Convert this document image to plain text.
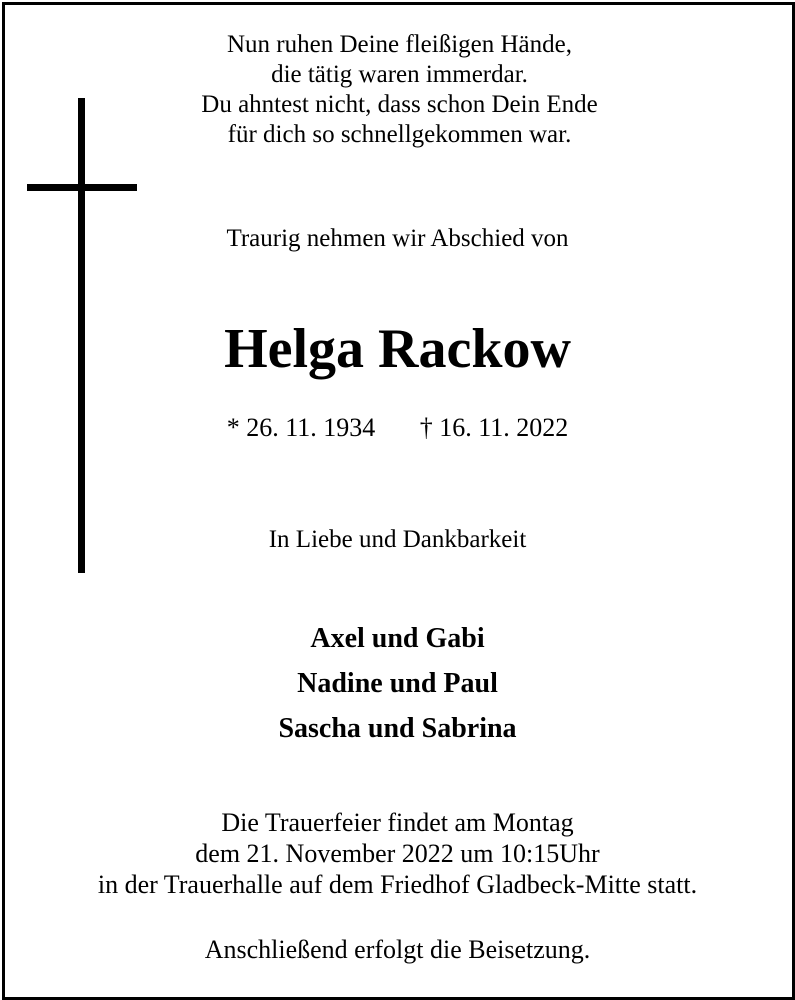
Nun ruhen Deine fleißigen Hände,
die tätig waren immerdar.
Du ahntest nicht, dass schon Dein Ende
für dich so schnellgekommen war.
Traurig nehmen wir Abschied von
Helga Rackow
* 26. 11. 1934 † 16. 11. 2022
In Liebe und Dankbarkeit
Axel und Gabi
Nadine und Paul
Sascha und Sabrina
Die Trauerfeier findet am Montag
dem 21. November 2022 um 10:15Uhr
in der Trauerhalle auf dem Friedhof Gladbeck-Mitte statt.
Anschließend erfolgt die Beisetzung.
